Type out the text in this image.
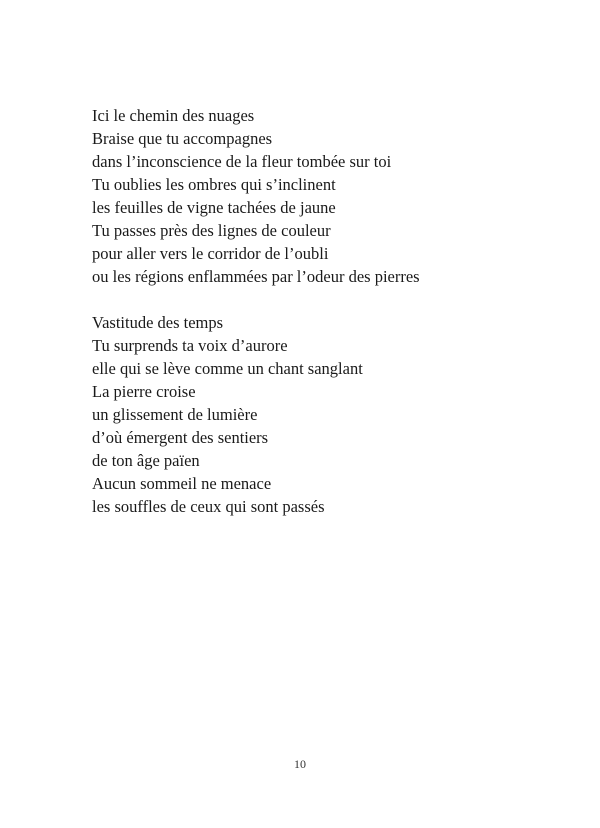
Ici le chemin des nuages
Braise que tu accompagnes
dans l’inconscience de la fleur tombée sur toi
Tu oublies les ombres qui s’inclinent
les feuilles de vigne tachées de jaune
Tu passes près des lignes de couleur
pour aller vers le corridor de l’oubli
ou les régions enflammées par l’odeur des pierres
Vastitude des temps
Tu surprends ta voix d’aurore
elle qui se lève comme un chant sanglant
La pierre croise
un glissement de lumière
d’où émergent des sentiers
de ton âge païen
Aucun sommeil ne menace
les souffles de ceux qui sont passés
10
